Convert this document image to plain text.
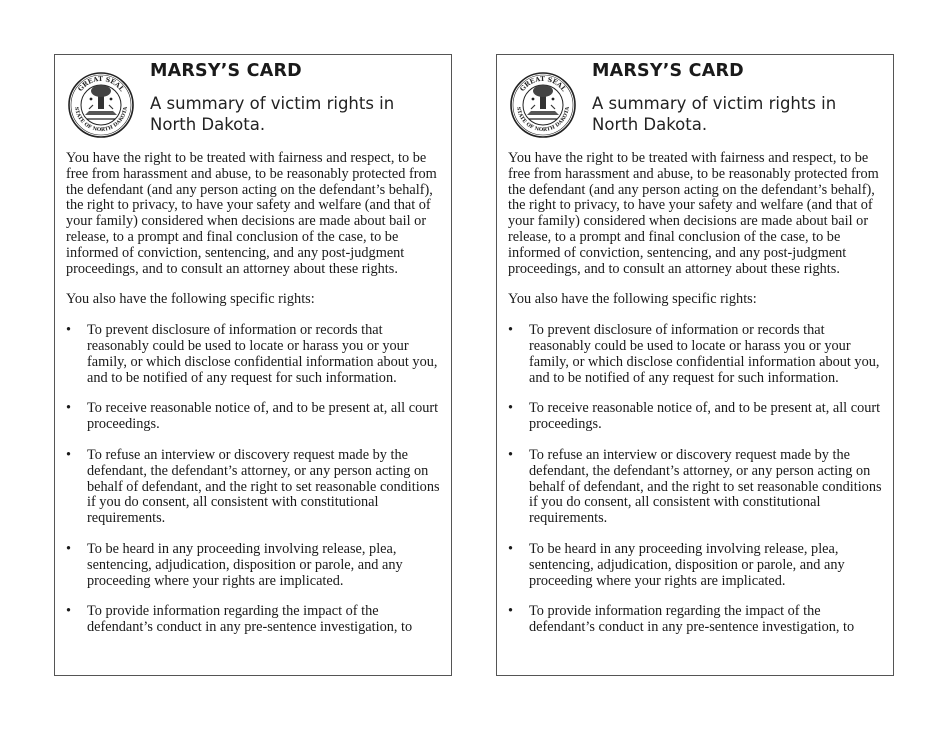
GREAT SEAL
STATE OF NORTH DAKOTA
MARSY’S CARD
A summary of victim rights in North Dakota.

You have the right to be treated with fairness and respect, to be free from harassment and abuse, to be reasonably protected from the defendant (and any person acting on the defendant’s behalf), the right to privacy, to have your safety and welfare (and that of your family) considered when decisions are made about bail or release, to a prompt and final conclusion of the case, to be informed of conviction, sentencing, and any post-judgment proceedings, and to consult an attorney about these rights.

You also have the following specific rights:

• To prevent disclosure of information or records that reasonably could be used to locate or harass you or your family, or which disclose confidential information about you, and to be notified of any request for such information.
• To receive reasonable notice of, and to be present at, all court proceedings.
• To refuse an interview or discovery request made by the defendant, the defendant’s attorney, or any person acting on behalf of defendant, and the right to set reasonable conditions if you do consent, all consistent with constitutional requirements.
• To be heard in any proceeding involving release, plea, sentencing, adjudication, disposition or parole, and any proceeding where your rights are implicated.
• To provide information regarding the impact of the defendant’s conduct in any pre-sentence investigation, to
GREAT SEAL
STATE OF NORTH DAKOTA
MARSY’S CARD
A summary of victim rights in North Dakota.

You have the right to be treated with fairness and respect, to be free from harassment and abuse, to be reasonably protected from the defendant (and any person acting on the defendant’s behalf), the right to privacy, to have your safety and welfare (and that of your family) considered when decisions are made about bail or release, to a prompt and final conclusion of the case, to be informed of conviction, sentencing, and any post-judgment proceedings, and to consult an attorney about these rights.

You also have the following specific rights:

• To prevent disclosure of information or records that reasonably could be used to locate or harass you or your family, or which disclose confidential information about you, and to be notified of any request for such information.
• To receive reasonable notice of, and to be present at, all court proceedings.
• To refuse an interview or discovery request made by the defendant, the defendant’s attorney, or any person acting on behalf of defendant, and the right to set reasonable conditions if you do consent, all consistent with constitutional requirements.
• To be heard in any proceeding involving release, plea, sentencing, adjudication, disposition or parole, and any proceeding where your rights are implicated.
• To provide information regarding the impact of the defendant’s conduct in any pre-sentence investigation, to
